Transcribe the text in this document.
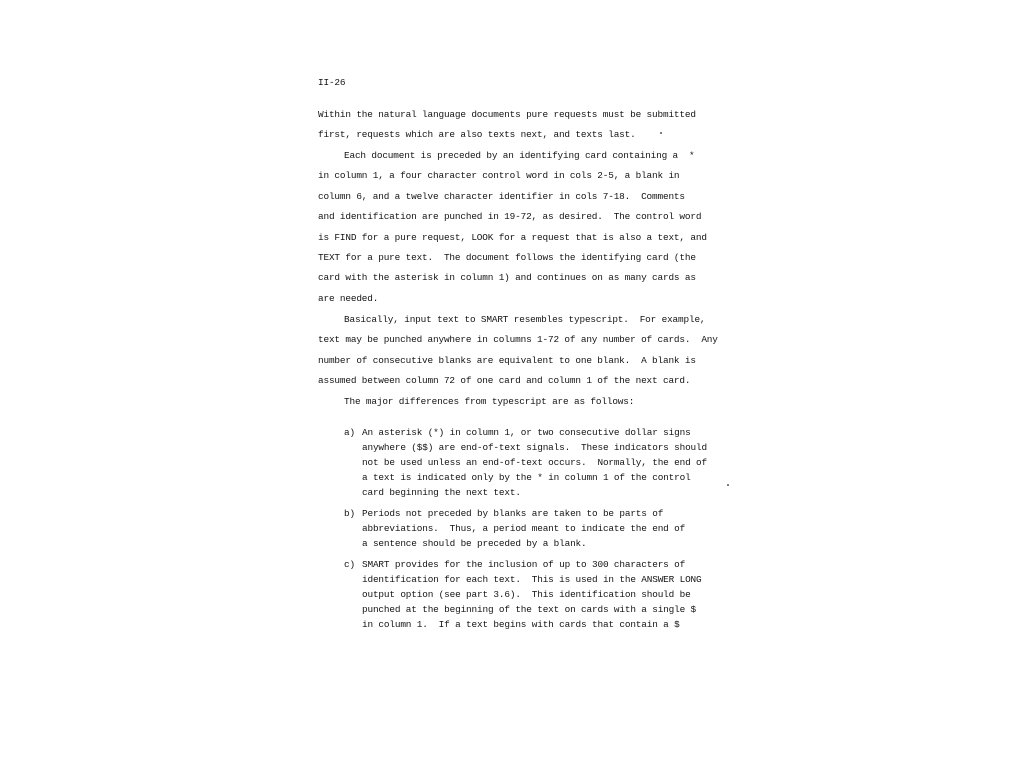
II-26
Within the natural language documents pure requests must be submitted
first, requests which are also texts next, and texts last.
Each document is preceded by an identifying card containing a  *
in column 1, a four character control word in cols 2-5, a blank in
column 6, and a twelve character identifier in cols 7-18.  Comments
and identification are punched in 19-72, as desired.  The control word
is FIND for a pure request, LOOK for a request that is also a text, and
TEXT for a pure text.  The document follows the identifying card (the
card with the asterisk in column 1) and continues on as many cards as
are needed.
Basically, input text to SMART resembles typescript.  For example,
text may be punched anywhere in columns 1-72 of any number of cards.  Any
number of consecutive blanks are equivalent to one blank.  A blank is
assumed between column 72 of one card and column 1 of the next card.
The major differences from typescript are as follows:
a) An asterisk (*) in column 1, or two consecutive dollar signs
anywhere ($$) are end-of-text signals.  These indicators should
not be used unless an end-of-text occurs.  Normally, the end of
a text is indicated only by the * in column 1 of the control
card beginning the next text.
b) Periods not preceded by blanks are taken to be parts of
abbreviations.  Thus, a period meant to indicate the end of
a sentence should be preceded by a blank.
c) SMART provides for the inclusion of up to 300 characters of
identification for each text.  This is used in the ANSWER LONG
output option (see part 3.6).  This identification should be
punched at the beginning of the text on cards with a single $
in column 1.  If a text begins with cards that contain a $
